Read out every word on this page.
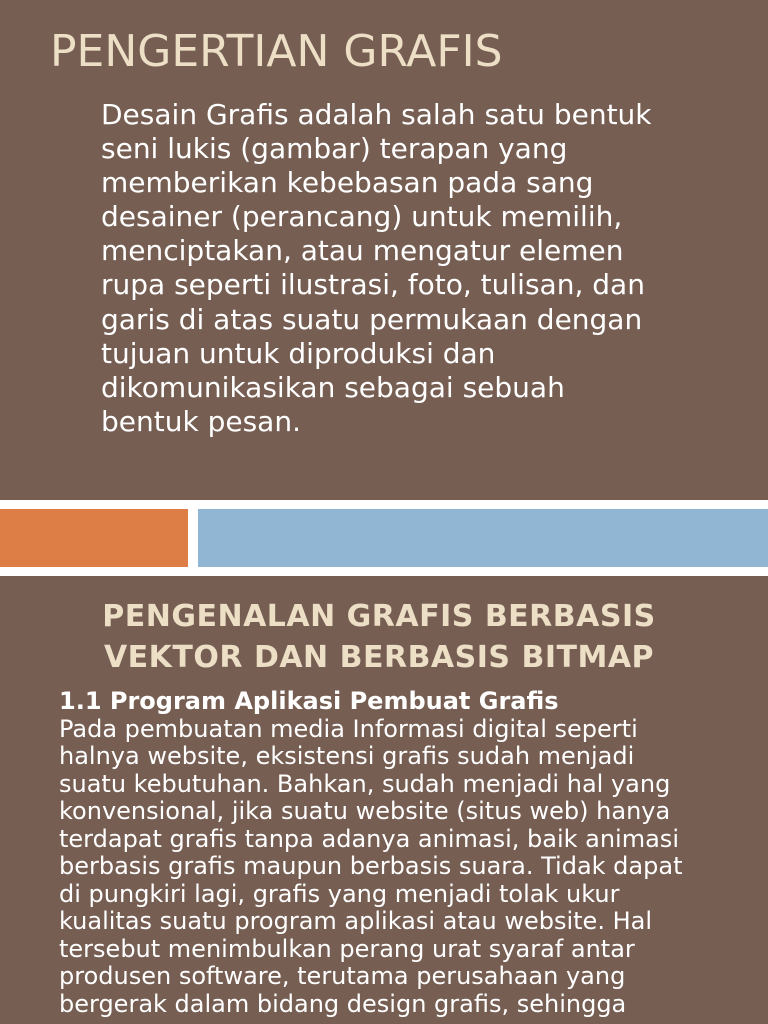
PENGERTIAN GRAFIS
Desain Grafis adalah salah satu bentuk
seni lukis (gambar) terapan yang
memberikan kebebasan pada sang
desainer (perancang) untuk memilih,
menciptakan, atau mengatur elemen
rupa seperti ilustrasi, foto, tulisan, dan
garis di atas suatu permukaan dengan
tujuan untuk diproduksi dan
dikomunikasikan sebagai sebuah
bentuk pesan.
PENGENALAN GRAFIS BERBASIS
VEKTOR DAN BERBASIS BITMAP
1.1 Program Aplikasi Pembuat Grafis
Pada pembuatan media Informasi digital seperti
halnya website, eksistensi grafis sudah menjadi
suatu kebutuhan. Bahkan, sudah menjadi hal yang
konvensional, jika suatu website (situs web) hanya
terdapat grafis tanpa adanya animasi, baik animasi
berbasis grafis maupun berbasis suara. Tidak dapat
di pungkiri lagi, grafis yang menjadi tolak ukur
kualitas suatu program aplikasi atau website. Hal
tersebut menimbulkan perang urat syaraf antar
produsen software, terutama perusahaan yang
bergerak dalam bidang design grafis, sehingga
